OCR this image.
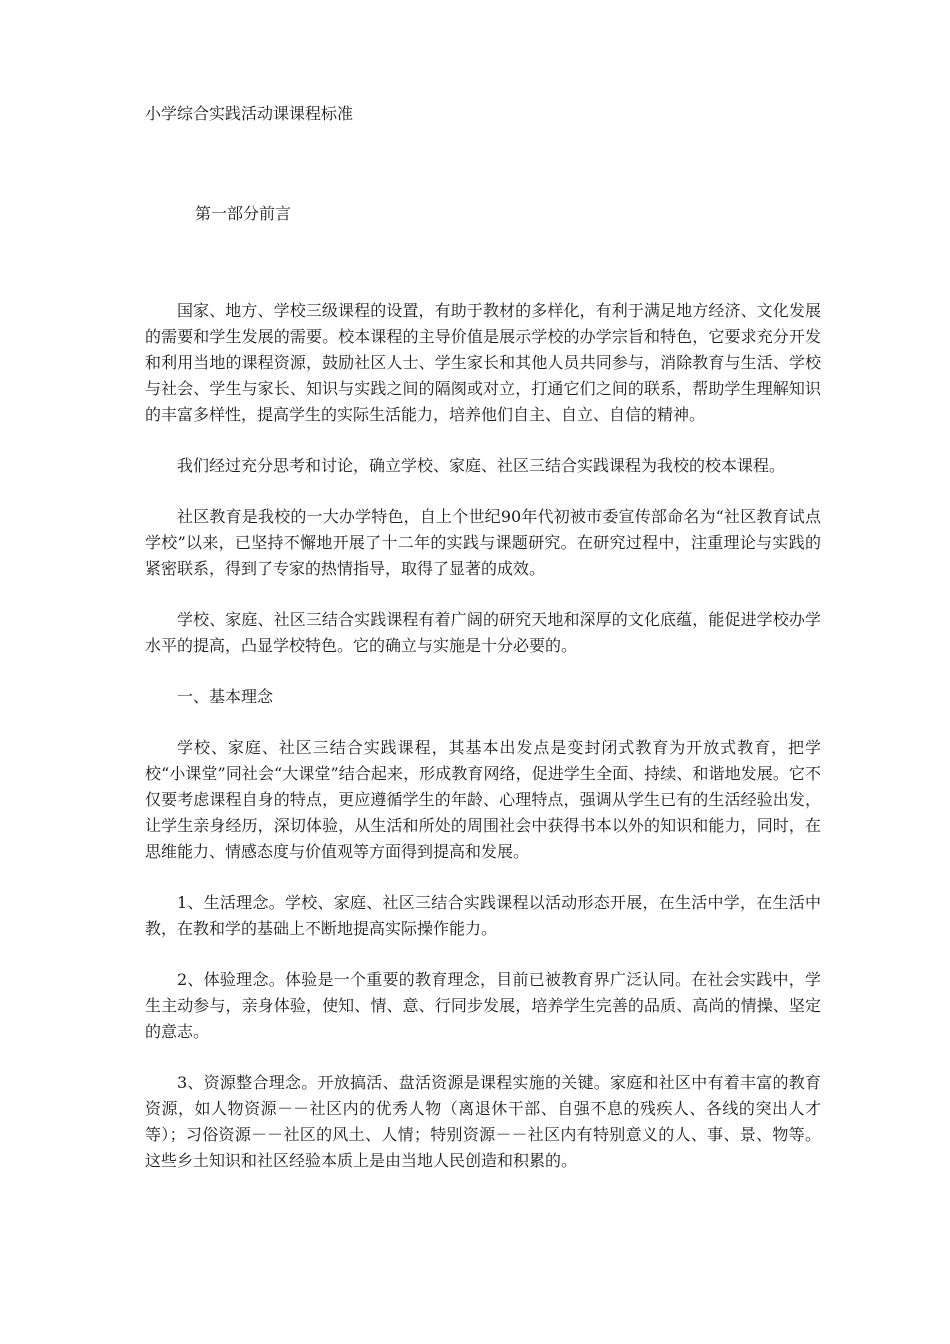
小学综合实践活动课课程标准
第一部分前言

国家、地方、学校三级课程的设置，有助于教材的多样化，有利于满足地方经济、文化发展的需要和学生发展的需要。校本课程的主导价值是展示学校的办学宗旨和特色，它要求充分开发和利用当地的课程资源，鼓励社区人士、学生家长和其他人员共同参与，消除教育与生活、学校与社会、学生与家长、知识与实践之间的隔阂或对立，打通它们之间的联系，帮助学生理解知识的丰富多样性，提高学生的实际生活能力，培养他们自主、自立、自信的精神。

我们经过充分思考和讨论，确立学校、家庭、社区三结合实践课程为我校的校本课程。

社区教育是我校的一大办学特色，自上个世纪90年代初被市委宣传部命名为“社区教育试点学校”以来，已坚持不懈地开展了十二年的实践与课题研究。在研究过程中，注重理论与实践的紧密联系，得到了专家的热情指导，取得了显著的成效。

学校、家庭、社区三结合实践课程有着广阔的研究天地和深厚的文化底蕴，能促进学校办学水平的提高，凸显学校特色。它的确立与实施是十分必要的。

一、基本理念

学校、家庭、社区三结合实践课程，其基本出发点是变封闭式教育为开放式教育，把学校“小课堂”同社会“大课堂”结合起来，形成教育网络，促进学生全面、持续、和谐地发展。它不仅要考虑课程自身的特点，更应遵循学生的年龄、心理特点，强调从学生已有的生活经验出发，让学生亲身经历，深切体验，从生活和所处的周围社会中获得书本以外的知识和能力，同时，在思维能力、情感态度与价值观等方面得到提高和发展。

1、生活理念。学校、家庭、社区三结合实践课程以活动形态开展，在生活中学，在生活中教，在教和学的基础上不断地提高实际操作能力。

2、体验理念。体验是一个重要的教育理念，目前已被教育界广泛认同。在社会实践中，学生主动参与，亲身体验，使知、情、意、行同步发展，培养学生完善的品质、高尚的情操、坚定的意志。

3、资源整合理念。开放搞活、盘活资源是课程实施的关键。家庭和社区中有着丰富的教育资源，如人物资源－－社区内的优秀人物（离退休干部、自强不息的残疾人、各线的突出人才等）；习俗资源－－社区的风土、人情；特别资源－－社区内有特别意义的人、事、景、物等。这些乡土知识和社区经验本质上是由当地人民创造和积累的。
